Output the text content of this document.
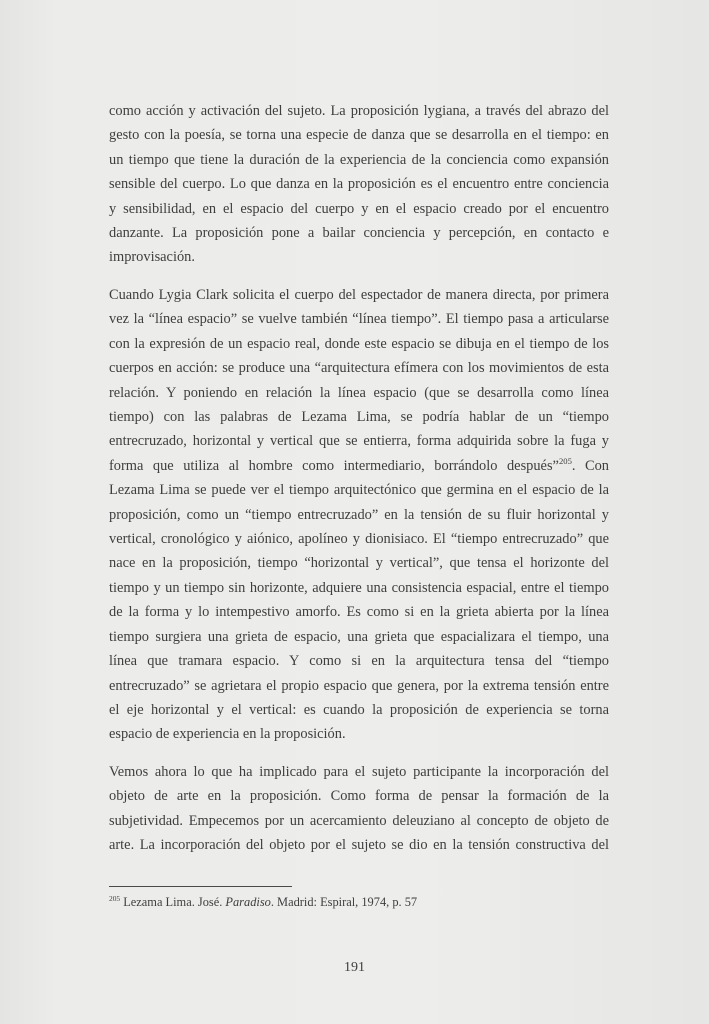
como acción y activación del sujeto. La proposición lygiana, a través del abrazo del
gesto con la poesía, se torna una especie de danza que se desarrolla en el tiempo: en
un tiempo que tiene la duración de la experiencia de la conciencia como expansión
sensible del cuerpo. Lo que danza en la proposición es el encuentro entre conciencia
y sensibilidad, en el espacio del cuerpo y en el espacio creado por el encuentro
danzante. La proposición pone a bailar conciencia y percepción, en contacto e
improvisación.

Cuando Lygia Clark solicita el cuerpo del espectador de manera directa, por primera
vez la “línea espacio” se vuelve también “línea tiempo”. El tiempo pasa a articularse
con la expresión de un espacio real, donde este espacio se dibuja en el tiempo de los
cuerpos en acción: se produce una “arquitectura efímera con los movimientos de esta
relación. Y poniendo en relación la línea espacio (que se desarrolla como línea
tiempo) con las palabras de Lezama Lima, se podría hablar de un “tiempo
entrecruzado, horizontal y vertical que se entierra, forma adquirida sobre la fuga y
forma que utiliza al hombre como intermediario, borrándolo después”$^{205}$. Con
Lezama Lima se puede ver el tiempo arquitectónico que germina en el espacio de la
proposición, como un “tiempo entrecruzado” en la tensión de su fluir horizontal y
vertical, cronológico y aiónico, apolíneo y dionisiaco. El “tiempo entrecruzado” que
nace en la proposición, tiempo “horizontal y vertical”, que tensa el horizonte del
tiempo y un tiempo sin horizonte, adquiere una consistencia espacial, entre el tiempo
de la forma y lo intempestivo amorfo. Es como si en la grieta abierta por la línea
tiempo surgiera una grieta de espacio, una grieta que espacializara el tiempo, una
línea que tramara espacio. Y como si en la arquitectura tensa del “tiempo
entrecruzado” se agrietara el propio espacio que genera, por la extrema tensión entre
el eje horizontal y el vertical: es cuando la proposición de experiencia se torna
espacio de experiencia en la proposición.

Vemos ahora lo que ha implicado para el sujeto participante la incorporación del
objeto de arte en la proposición. Como forma de pensar la formación de la
subjetividad. Empecemos por un acercamiento deleuziano al concepto de objeto de
arte. La incorporación del objeto por el sujeto se dio en la tensión constructiva del

$^{205}$ Lezama Lima. José. Paradiso. Madrid: Espiral, 1974, p. 57
191
